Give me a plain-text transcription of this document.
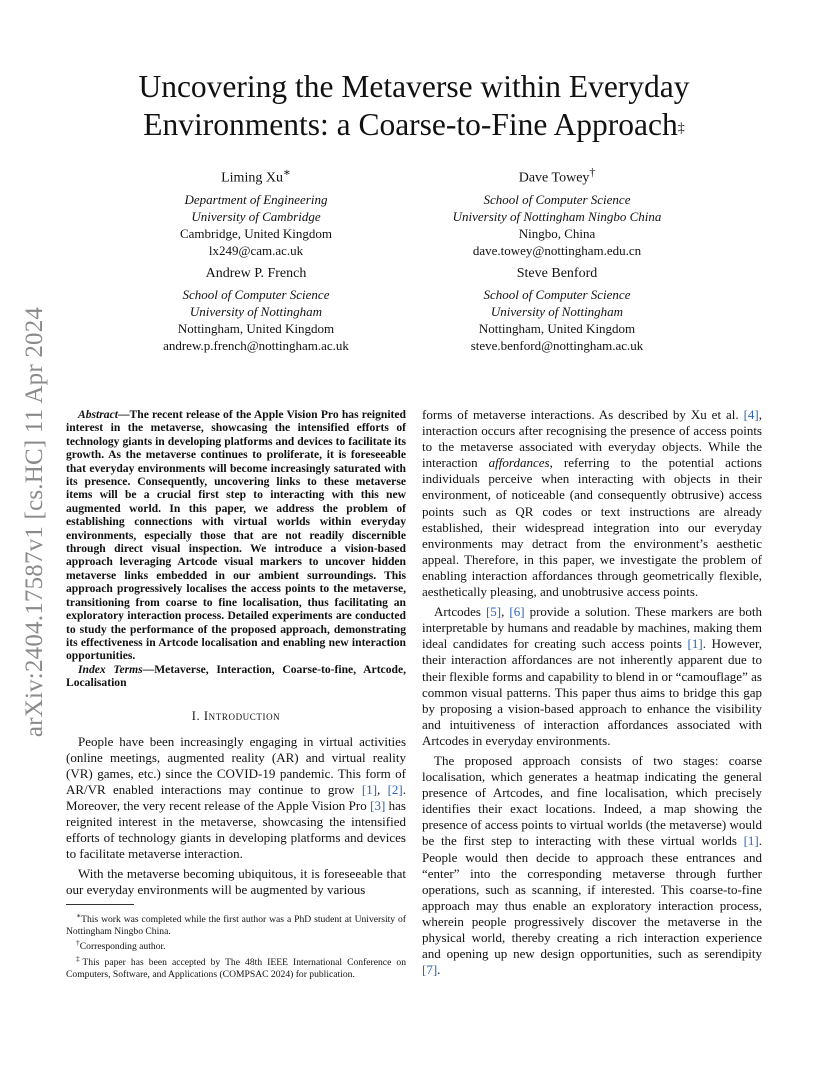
arXiv:2404.17587v1 [cs.HC] 11 Apr 2024
Uncovering the Metaverse within Everyday
Environments: a Coarse-to-Fine Approach‡
Liming Xu∗
Department of Engineering
University of Cambridge
Cambridge, United Kingdom
lx249@cam.ac.uk
Dave Towey†
School of Computer Science
University of Nottingham Ningbo China
Ningbo, China
dave.towey@nottingham.edu.cn
Andrew P. French
School of Computer Science
University of Nottingham
Nottingham, United Kingdom
andrew.p.french@nottingham.ac.uk
Steve Benford
School of Computer Science
University of Nottingham
Nottingham, United Kingdom
steve.benford@nottingham.ac.uk

Abstract—The recent release of the Apple Vision Pro has reignited interest in the metaverse, showcasing the intensified efforts of technology giants in developing platforms and devices to facilitate its growth. As the metaverse continues to proliferate, it is foreseeable that everyday environments will become increasingly saturated with its presence. Consequently, uncovering links to these metaverse items will be a crucial first step to interacting with this new augmented world. In this paper, we address the problem of establishing connections with virtual worlds within everyday environments, especially those that are not readily discernible through direct visual inspection. We introduce a vision-based approach leveraging Artcode visual markers to uncover hidden metaverse links embedded in our ambient surroundings. This approach progressively localises the access points to the metaverse, transitioning from coarse to fine localisation, thus facilitating an exploratory interaction process. Detailed experiments are conducted to study the performance of the proposed approach, demonstrating its effectiveness in Artcode localisation and enabling new interaction opportunities.

Index Terms—Metaverse, Interaction, Coarse-to-fine, Artcode, Localisation

I. Introduction

People have been increasingly engaging in virtual activities (online meetings, augmented reality (AR) and virtual reality (VR) games, etc.) since the COVID-19 pandemic. This form of AR/VR enabled interactions may continue to grow [1], [2]. Moreover, the very recent release of the Apple Vision Pro [3] has reignited interest in the metaverse, showcasing the intensified efforts of technology giants in developing platforms and devices to facilitate metaverse interaction.

With the metaverse becoming ubiquitous, it is foreseeable that our everyday environments will be augmented by various

forms of metaverse interactions. As described by Xu et al. [4], interaction occurs after recognising the presence of access points to the metaverse associated with everyday objects. While the interaction affordances, referring to the potential actions individuals perceive when interacting with objects in their environment, of noticeable (and consequently obtrusive) access points such as QR codes or text instructions are already established, their widespread integration into our everyday environments may detract from the environment’s aesthetic appeal. Therefore, in this paper, we investigate the problem of enabling interaction affordances through geometrically flexible, aesthetically pleasing, and unobtrusive access points.

Artcodes [5], [6] provide a solution. These markers are both interpretable by humans and readable by machines, making them ideal candidates for creating such access points [1]. However, their interaction affordances are not inherently apparent due to their flexible forms and capability to blend in or “camouflage” as common visual patterns. This paper thus aims to bridge this gap by proposing a vision-based approach to enhance the visibility and intuitiveness of interaction affordances associated with Artcodes in everyday environments.

The proposed approach consists of two stages: coarse localisation, which generates a heatmap indicating the general presence of Artcodes, and fine localisation, which precisely identifies their exact locations. Indeed, a map showing the presence of access points to virtual worlds (the metaverse) would be the first step to interacting with these virtual worlds [1]. People would then decide to approach these entrances and “enter” into the corresponding metaverse through further operations, such as scanning, if interested. This coarse-to-fine approach may thus enable an exploratory interaction process, wherein people progressively discover the metaverse in the physical world, thereby creating a rich interaction experience and opening up new design opportunities, such as serendipity [7].

∗This work was completed while the first author was a PhD student at University of Nottingham Ningbo China.
†Corresponding author.
‡This paper has been accepted by The 48th IEEE International Conference on Computers, Software, and Applications (COMPSAC 2024) for publication.
